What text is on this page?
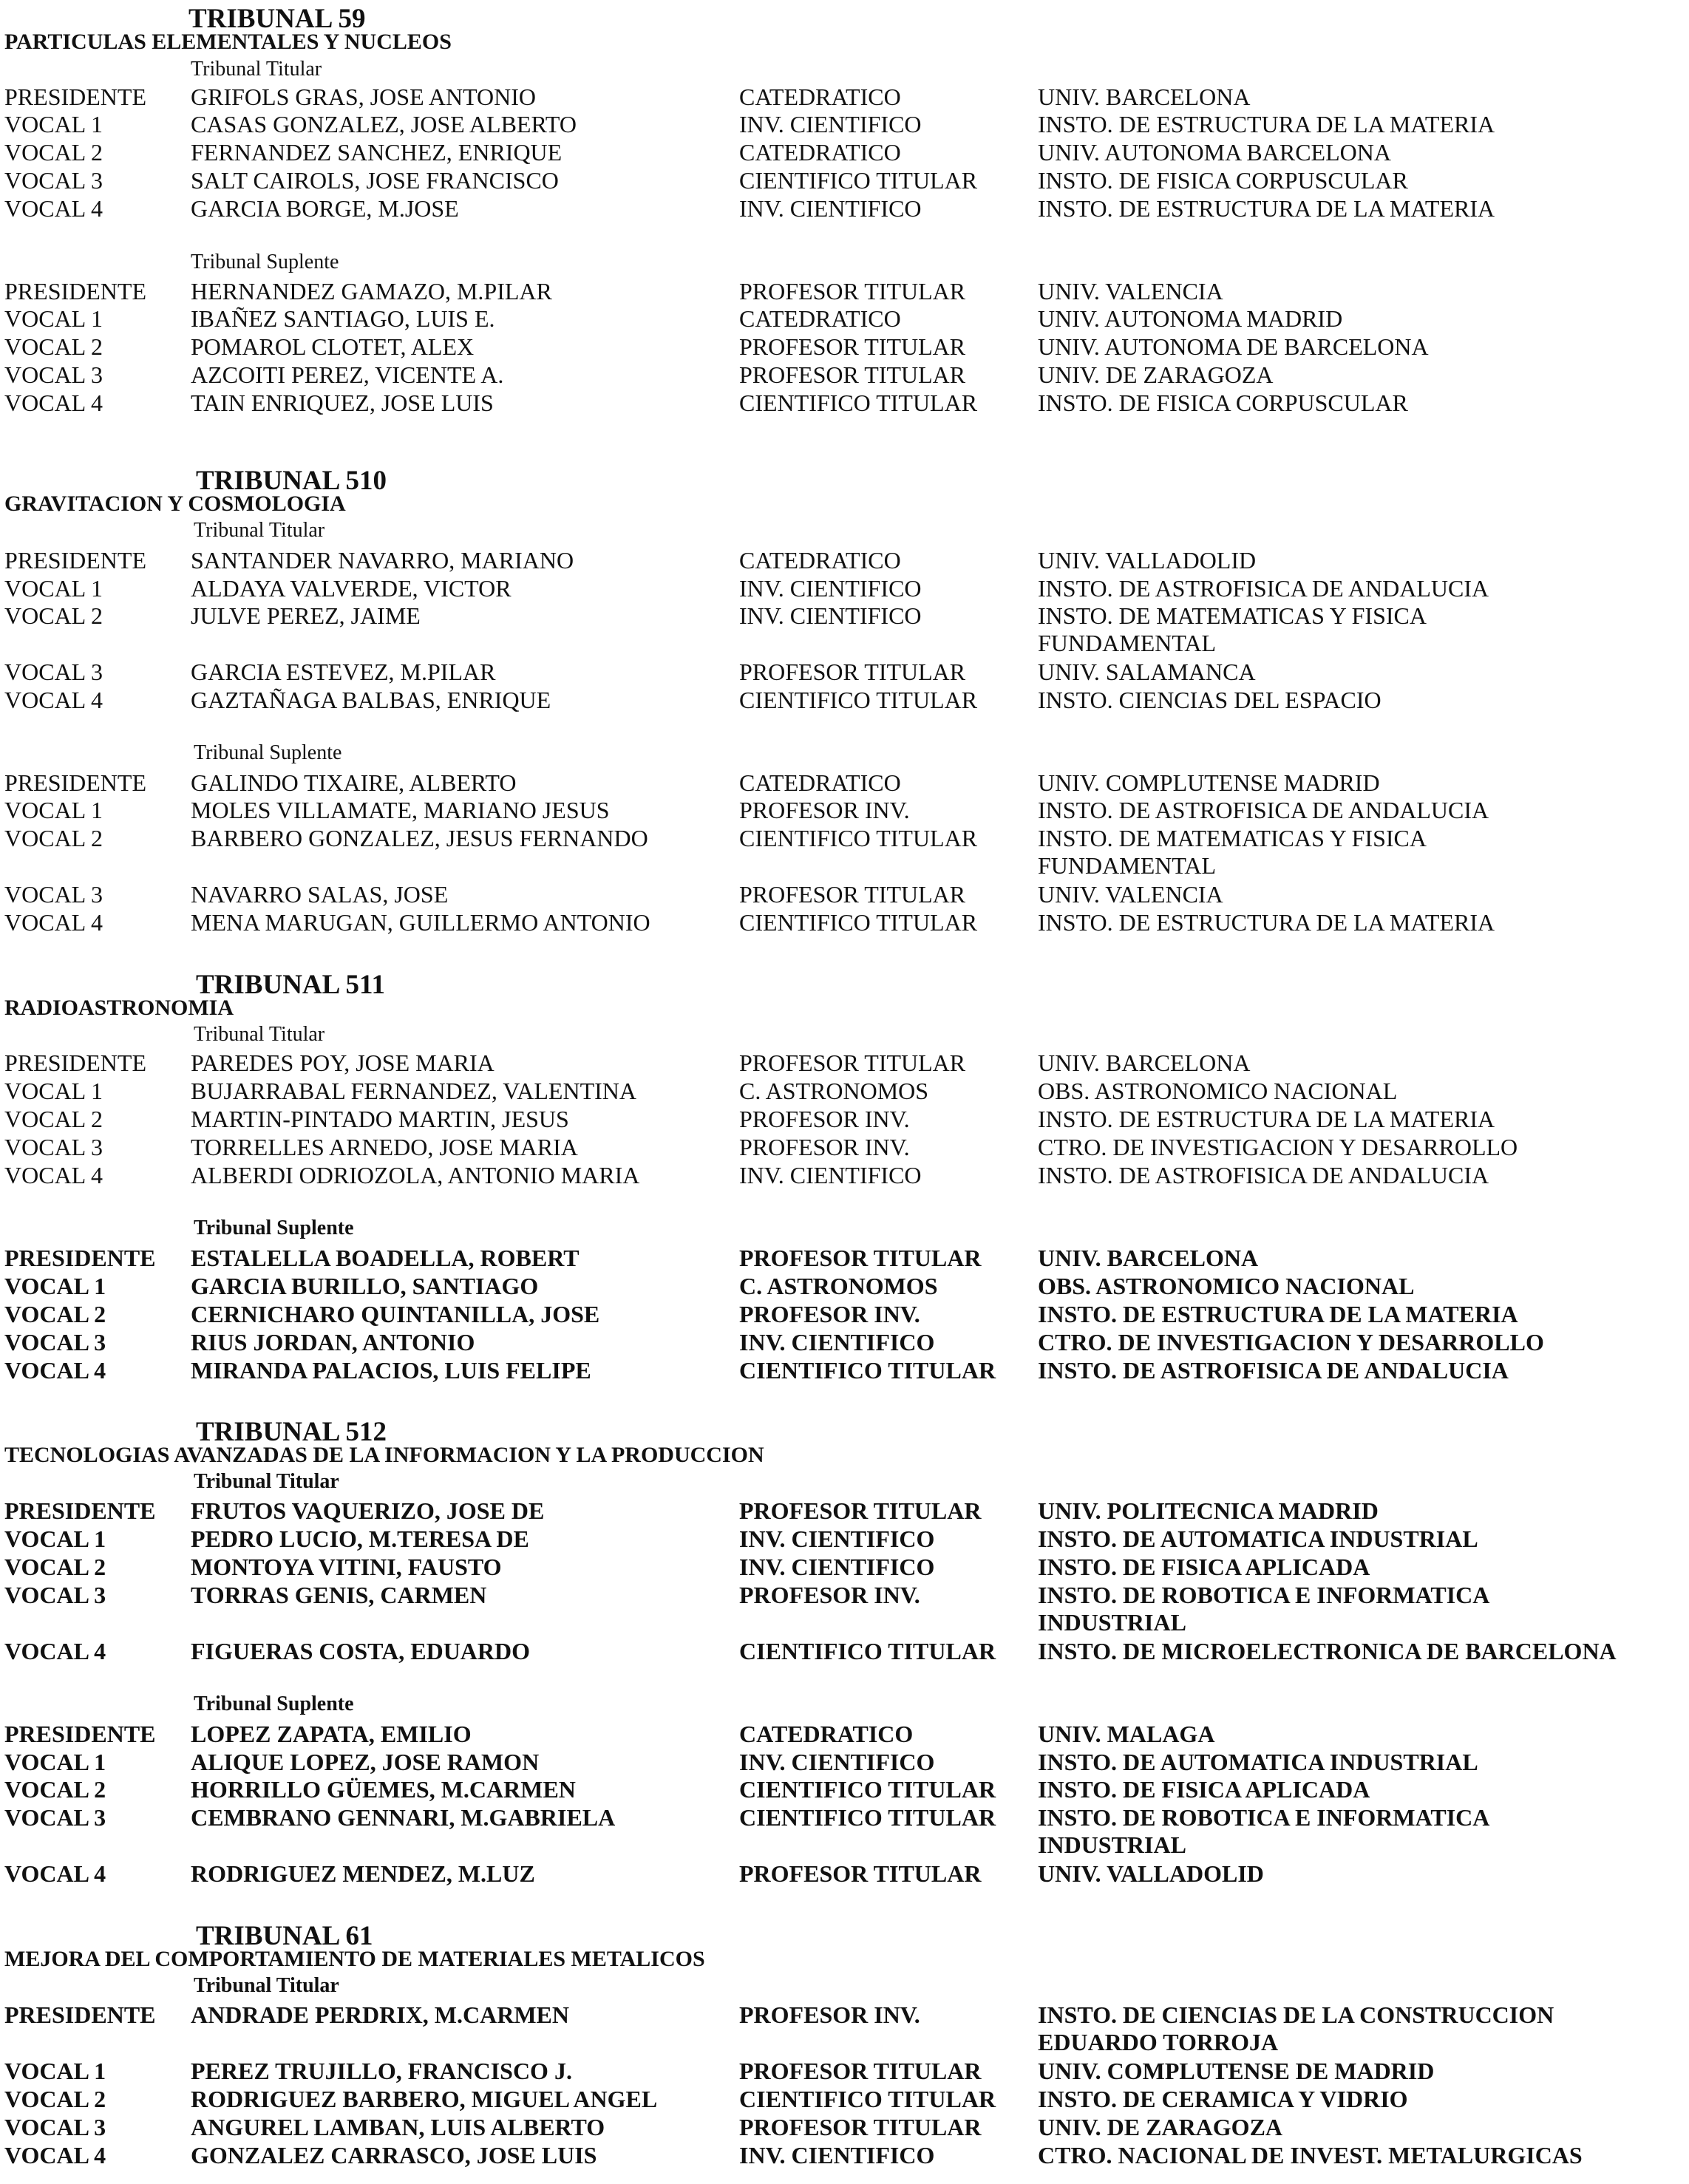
TRIBUNAL 59
PARTICULAS ELEMENTALES Y NUCLEOS
Tribunal Titular
PRESIDENTE GRIFOLS GRAS, JOSE ANTONIO	CATEDRATICO	UNIV. BARCELONA
VOCAL 1	CASAS GONZALEZ, JOSE ALBERTO	INV. CIENTIFICO	INSTO. DE ESTRUCTURA DE LA MATERIA
VOCAL 2	FERNANDEZ SANCHEZ, ENRIQUE	CATEDRATICO	UNIV. AUTONOMA BARCELONA
VOCAL 3	SALT CAIROLS, JOSE FRANCISCO	CIENTIFICO TITULAR	INSTO. DE FISICA CORPUSCULAR
VOCAL 4	GARCIA BORGE, M.JOSE	INV. CIENTIFICO	INSTO. DE ESTRUCTURA DE LA MATERIA
Tribunal Suplente
PRESIDENTE HERNANDEZ GAMAZO, M.PILAR	PROFESOR TITULAR	UNIV. VALENCIA
VOCAL 1	IBAÑEZ SANTIAGO, LUIS E.	CATEDRATICO	UNIV. AUTONOMA MADRID
VOCAL 2	POMAROL CLOTET, ALEX	PROFESOR TITULAR	UNIV. AUTONOMA DE BARCELONA
VOCAL 3	AZCOITI PEREZ, VICENTE A.	PROFESOR TITULAR	UNIV. DE ZARAGOZA
VOCAL 4	TAIN ENRIQUEZ, JOSE LUIS	CIENTIFICO TITULAR	INSTO. DE FISICA CORPUSCULAR
TRIBUNAL 510
GRAVITACION Y COSMOLOGIA
Tribunal Titular
PRESIDENTE SANTANDER NAVARRO, MARIANO	CATEDRATICO	UNIV. VALLADOLID
VOCAL 1	ALDAYA VALVERDE, VICTOR	INV. CIENTIFICO	INSTO. DE ASTROFISICA DE ANDALUCIA
VOCAL 2	JULVE PEREZ, JAIME	INV. CIENTIFICO	INSTO. DE MATEMATICAS Y FISICA
FUNDAMENTAL
VOCAL 3	GARCIA ESTEVEZ, M.PILAR	PROFESOR TITULAR	UNIV. SALAMANCA
VOCAL 4	GAZTAÑAGA BALBAS, ENRIQUE	CIENTIFICO TITULAR	INSTO. CIENCIAS DEL ESPACIO
Tribunal Suplente
PRESIDENTE GALINDO TIXAIRE, ALBERTO	CATEDRATICO	UNIV. COMPLUTENSE MADRID
VOCAL 1	MOLES VILLAMATE, MARIANO JESUS	PROFESOR INV.	INSTO. DE ASTROFISICA DE ANDALUCIA
VOCAL 2	BARBERO GONZALEZ, JESUS FERNANDO	CIENTIFICO TITULAR	INSTO. DE MATEMATICAS Y FISICA
FUNDAMENTAL
VOCAL 3	NAVARRO SALAS, JOSE	PROFESOR TITULAR	UNIV. VALENCIA
VOCAL 4	MENA MARUGAN, GUILLERMO ANTONIO	CIENTIFICO TITULAR	INSTO. DE ESTRUCTURA DE LA MATERIA
TRIBUNAL 511
RADIOASTRONOMIA
Tribunal Titular
PRESIDENTE PAREDES POY, JOSE MARIA	PROFESOR TITULAR	UNIV. BARCELONA
VOCAL 1	BUJARRABAL FERNANDEZ, VALENTINA	C. ASTRONOMOS	OBS. ASTRONOMICO NACIONAL
VOCAL 2	MARTIN-PINTADO MARTIN, JESUS	PROFESOR INV.	INSTO. DE ESTRUCTURA DE LA MATERIA
VOCAL 3	TORRELLES ARNEDO, JOSE MARIA	PROFESOR INV.	CTRO. DE INVESTIGACION Y DESARROLLO
VOCAL 4	ALBERDI ODRIOZOLA, ANTONIO MARIA	INV. CIENTIFICO	INSTO. DE ASTROFISICA DE ANDALUCIA
Tribunal Suplente
PRESIDENTE ESTALELLA BOADELLA, ROBERT	PROFESOR TITULAR UNIV. BARCELONA
VOCAL 1	GARCIA BURILLO, SANTIAGO	C. ASTRONOMOS	OBS. ASTRONOMICO NACIONAL
VOCAL 2	CERNICHARO QUINTANILLA, JOSE	PROFESOR INV.	INSTO. DE ESTRUCTURA DE LA MATERIA
VOCAL 3	RIUS JORDAN, ANTONIO	INV. CIENTIFICO	CTRO. DE INVESTIGACION Y DESARROLLO
VOCAL 4	MIRANDA PALACIOS, LUIS FELIPE	CIENTIFICO TITULAR INSTO. DE ASTROFISICA DE ANDALUCIA
TRIBUNAL 512
TECNOLOGIAS AVANZADAS DE LA INFORMACION Y LA PRODUCCION
Tribunal Titular
PRESIDENTE FRUTOS VAQUERIZO, JOSE DE	PROFESOR TITULAR UNIV. POLITECNICA MADRID
VOCAL 1	PEDRO LUCIO, M.TERESA DE	INV. CIENTIFICO	INSTO. DE AUTOMATICA INDUSTRIAL
VOCAL 2	MONTOYA VITINI, FAUSTO	INV. CIENTIFICO	INSTO. DE FISICA APLICADA
VOCAL 3	TORRAS GENIS, CARMEN	PROFESOR INV.	INSTO. DE ROBOTICA E INFORMATICA
INDUSTRIAL
VOCAL 4	FIGUERAS COSTA, EDUARDO	CIENTIFICO TITULAR INSTO. DE MICROELECTRONICA DE BARCELONA
Tribunal Suplente
PRESIDENTE LOPEZ ZAPATA, EMILIO	CATEDRATICO	UNIV. MALAGA
VOCAL 1	ALIQUE LOPEZ, JOSE RAMON	INV. CIENTIFICO	INSTO. DE AUTOMATICA INDUSTRIAL
VOCAL 2	HORRILLO GÜEMES, M.CARMEN	CIENTIFICO TITULAR INSTO. DE FISICA APLICADA
VOCAL 3	CEMBRANO GENNARI, M.GABRIELA	CIENTIFICO TITULAR INSTO. DE ROBOTICA E INFORMATICA
INDUSTRIAL
VOCAL 4	RODRIGUEZ MENDEZ, M.LUZ	PROFESOR TITULAR UNIV. VALLADOLID
TRIBUNAL 61
MEJORA DEL COMPORTAMIENTO DE MATERIALES METALICOS
Tribunal Titular
PRESIDENTE ANDRADE PERDRIX, M.CARMEN	PROFESOR INV.	INSTO. DE CIENCIAS DE LA CONSTRUCCION
EDUARDO TORROJA
VOCAL 1	PEREZ TRUJILLO, FRANCISCO J.	PROFESOR TITULAR UNIV. COMPLUTENSE DE MADRID
VOCAL 2	RODRIGUEZ BARBERO, MIGUEL ANGEL	CIENTIFICO TITULAR INSTO. DE CERAMICA Y VIDRIO
VOCAL 3	ANGUREL LAMBAN, LUIS ALBERTO	PROFESOR TITULAR UNIV. DE ZARAGOZA
VOCAL 4	GONZALEZ CARRASCO, JOSE LUIS	INV. CIENTIFICO	CTRO. NACIONAL DE INVEST. METALURGICAS
